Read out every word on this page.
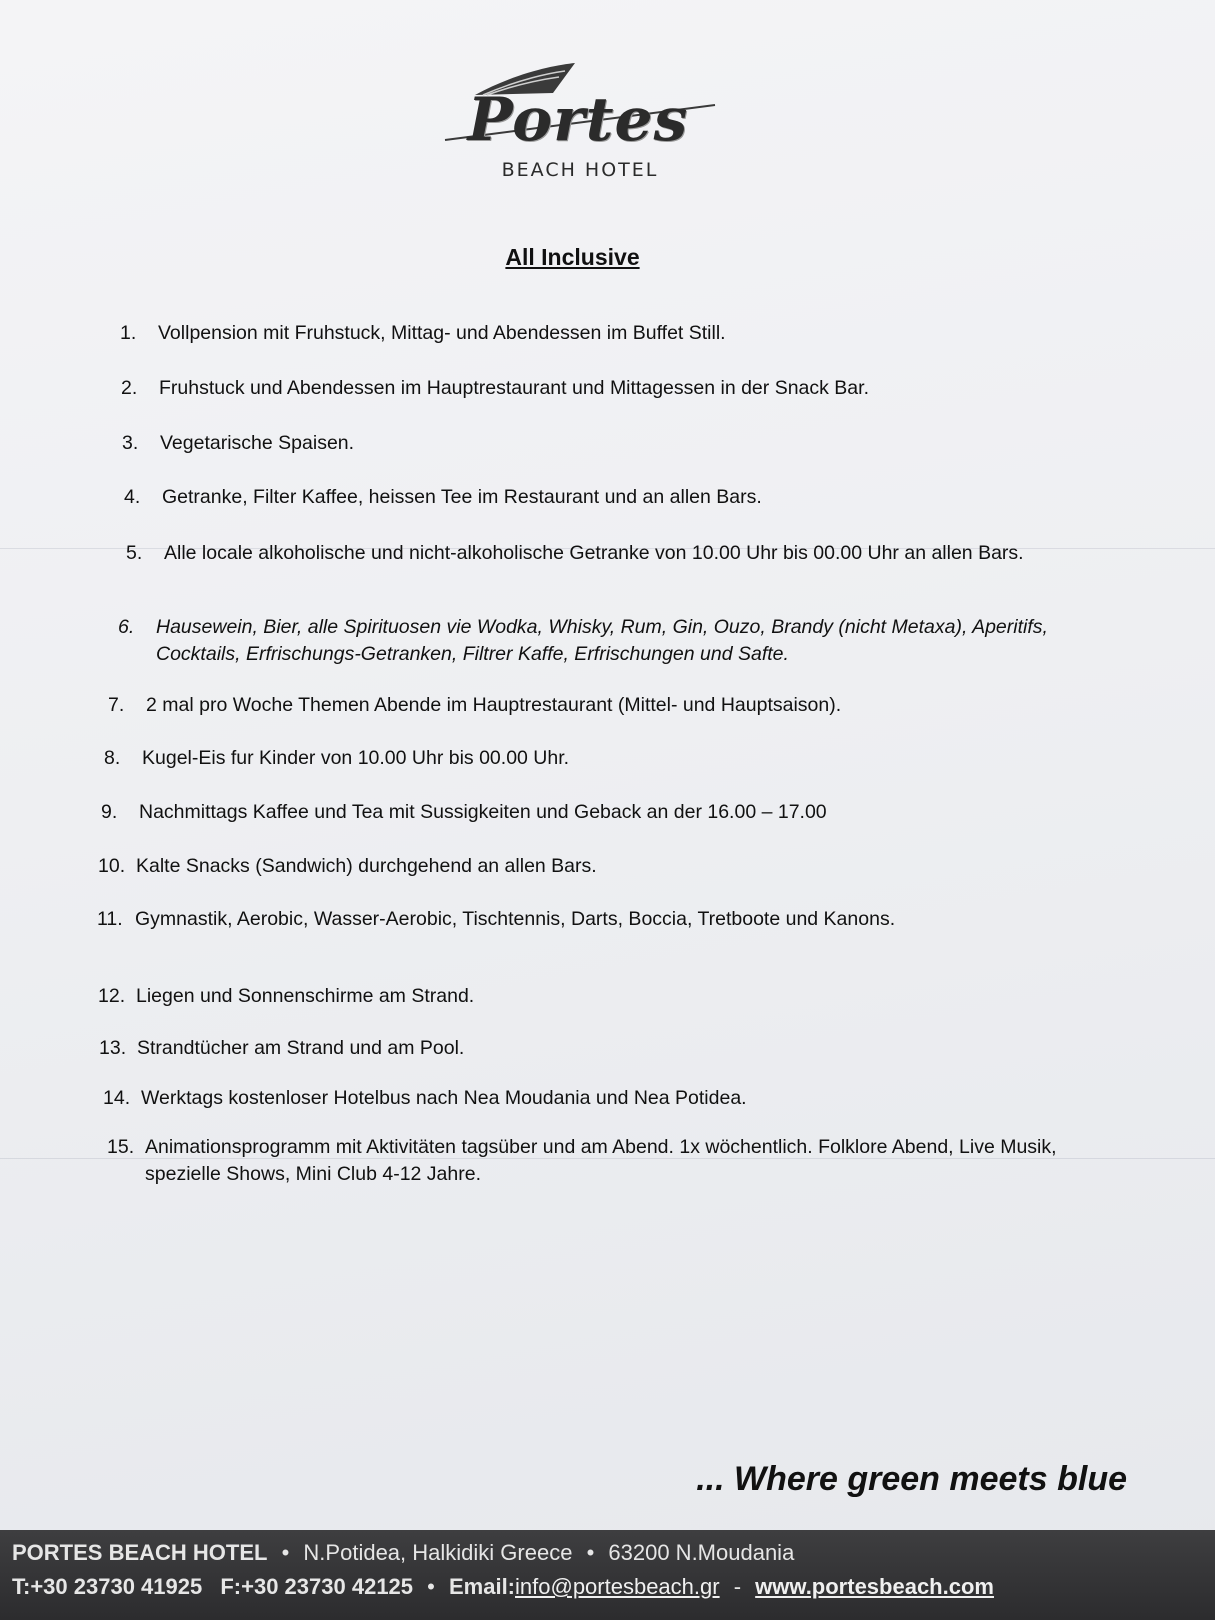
Portes
BEACH HOTEL
All Inclusive
1.	Vollpension mit Fruhstuck, Mittag- und Abendessen im Buffet Still.
2.	Fruhstuck und Abendessen im Hauptrestaurant und Mittagessen in der Snack Bar.
3.	Vegetarische Spaisen.
4.	Getranke, Filter Kaffee, heissen Tee im Restaurant und an allen Bars.
5.	Alle locale alkoholische und nicht-alkoholische Getranke von 10.00 Uhr bis 00.00 Uhr an allen Bars.
6.	Hausewein, Bier, alle Spirituosen vie Wodka, Whisky, Rum, Gin, Ouzo, Brandy (nicht Metaxa), Aperitifs, Cocktails, Erfrischungs-Getranken, Filtrer Kaffe, Erfrischungen und Safte.
7.	2 mal pro Woche Themen Abende im Hauptrestaurant (Mittel- und Hauptsaison).
8.	Kugel-Eis fur Kinder von 10.00 Uhr bis 00.00 Uhr.
9.	Nachmittags Kaffee und Tea mit Sussigkeiten und Geback an der 16.00 – 17.00
10. Kalte Snacks (Sandwich) durchgehend an allen Bars.
11. Gymnastik, Aerobic, Wasser-Aerobic, Tischtennis, Darts, Boccia, Tretboote und Kanons.
12. Liegen und Sonnenschirme am Strand.
13. Strandtücher am Strand und am Pool.
14. Werktags kostenloser Hotelbus nach Nea Moudania und Nea Potidea.
15. Animationsprogramm mit Aktivitäten tagsüber und am Abend. 1x wöchentlich. Folklore Abend, Live Musik, spezielle Shows, Mini Club 4-12 Jahre.
... Where green meets blue
PORTES BEACH HOTEL • N.Potidea, Halkidiki Greece • 63200 N.Moudania
T:+30 23730 41925 F:+30 23730 42125 • Email:info@portesbeach.gr - www.portesbeach.com
